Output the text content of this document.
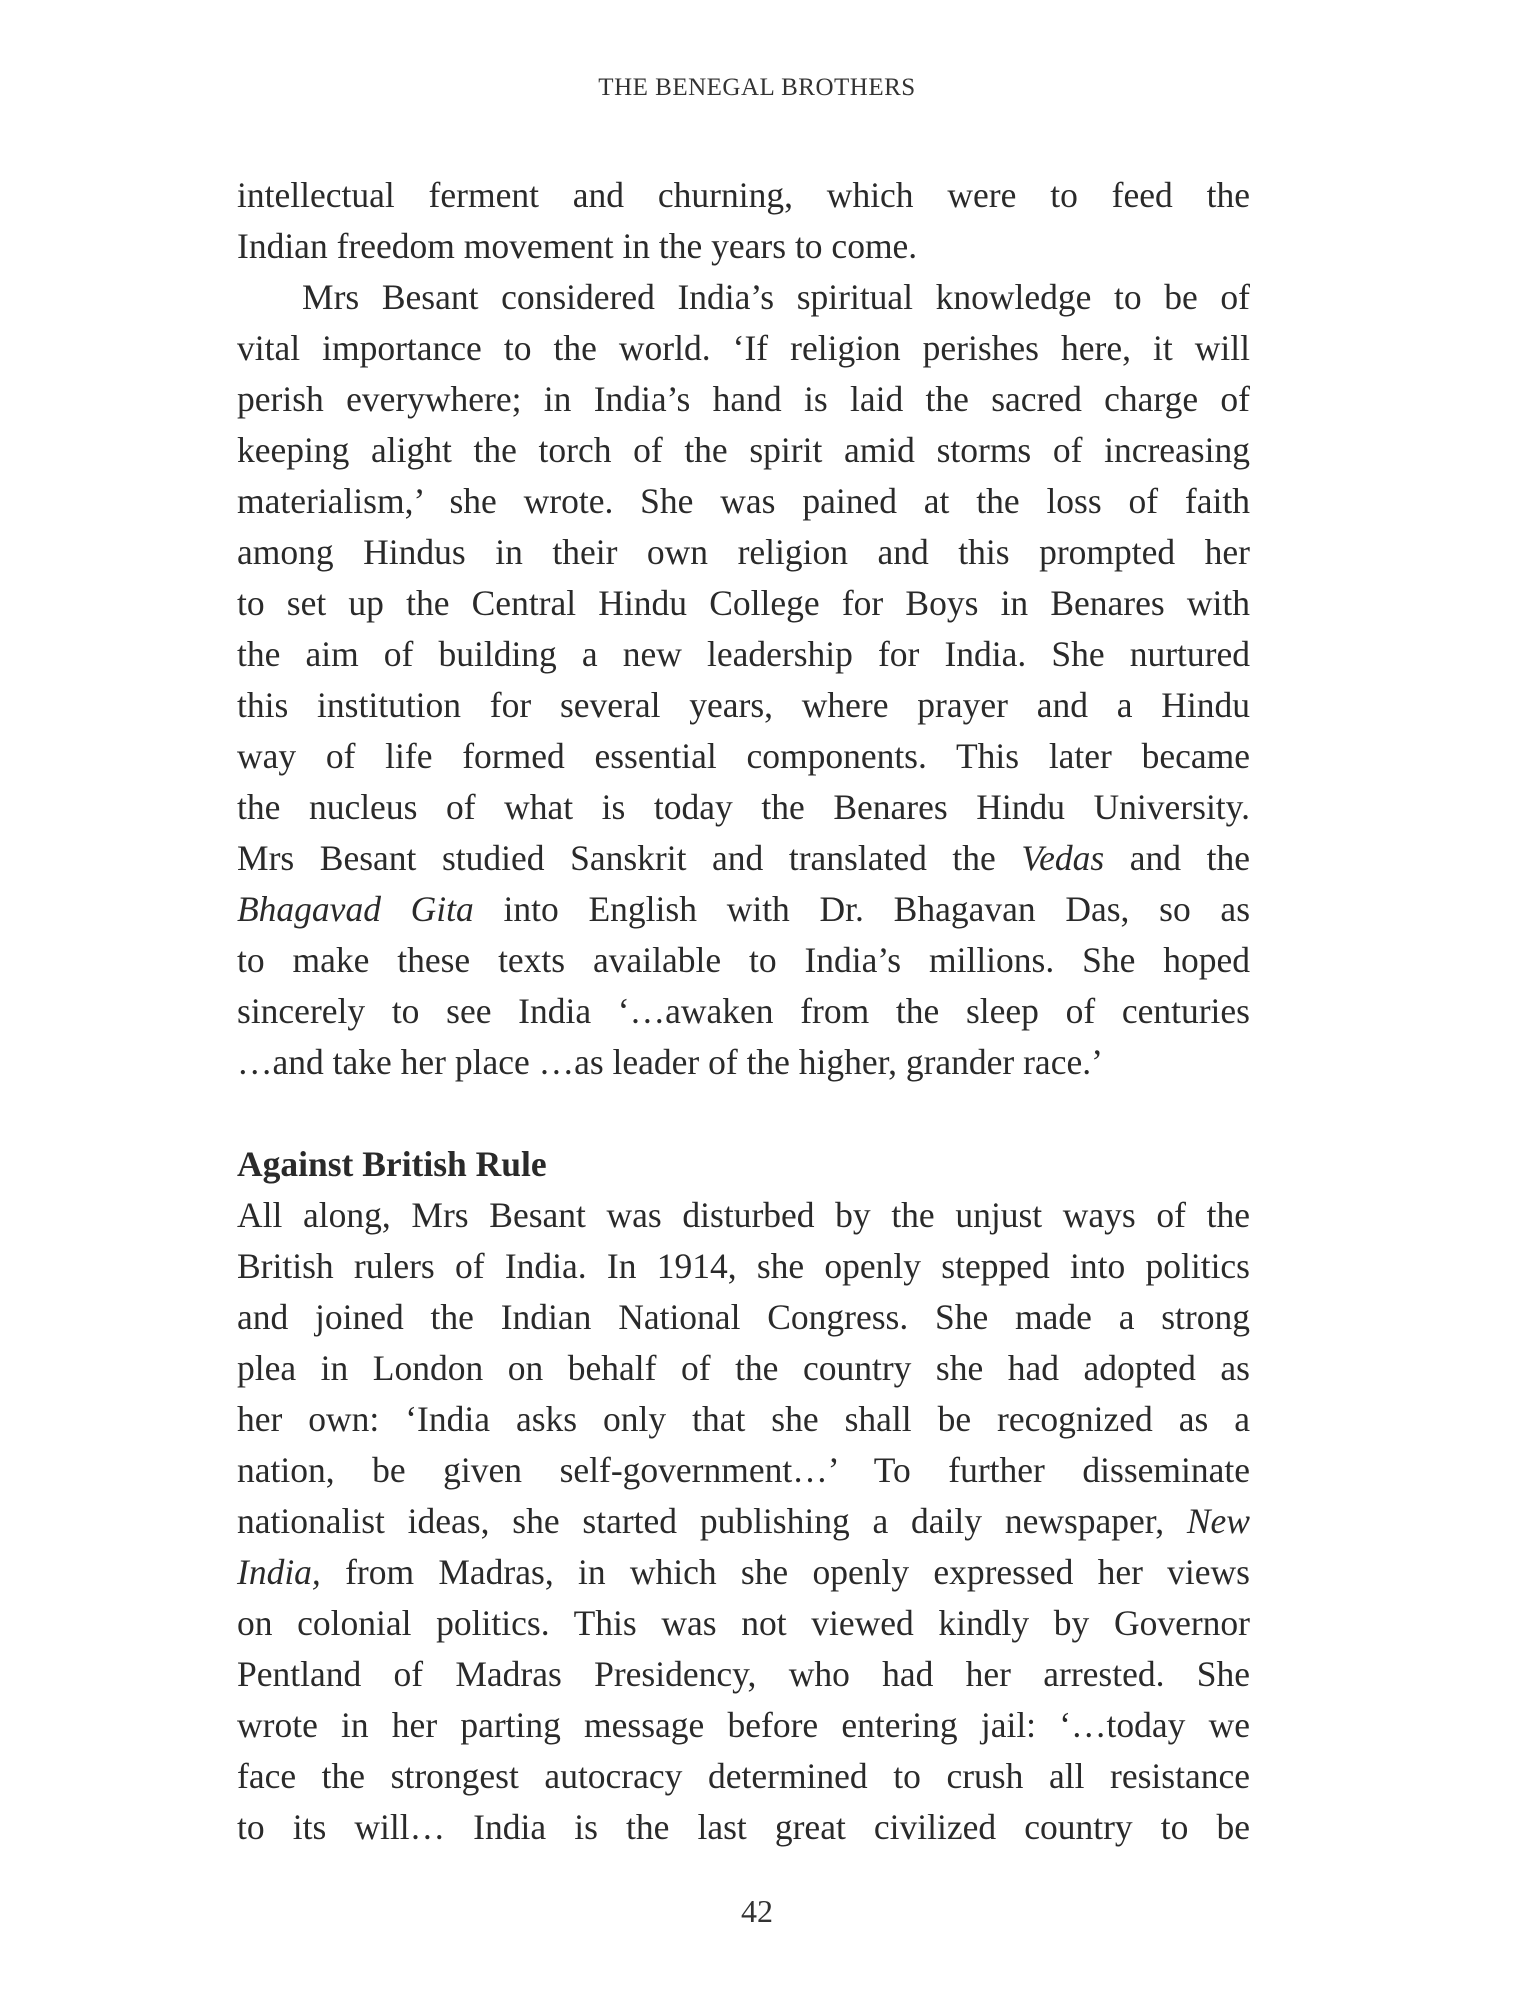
THE BENEGAL BROTHERS
intellectual ferment and churning, which were to feed the
Indian freedom movement in the years to come.
Mrs Besant considered India’s spiritual knowledge to be of
vital importance to the world. ‘If religion perishes here, it will
perish everywhere; in India’s hand is laid the sacred charge of
keeping alight the torch of the spirit amid storms of increasing
materialism,’ she wrote. She was pained at the loss of faith
among Hindus in their own religion and this prompted her
to set up the Central Hindu College for Boys in Benares with
the aim of building a new leadership for India. She nurtured
this institution for several years, where prayer and a Hindu
way of life formed essential components. This later became
the nucleus of what is today the Benares Hindu University.
Mrs Besant studied Sanskrit and translated the Vedas and the
Bhagavad Gita into English with Dr. Bhagavan Das, so as
to make these texts available to India’s millions. She hoped
sincerely to see India ‘…awaken from the sleep of centuries
…and take her place …as leader of the higher, grander race.’
Against British Rule
All along, Mrs Besant was disturbed by the unjust ways of the
British rulers of India. In 1914, she openly stepped into politics
and joined the Indian National Congress. She made a strong
plea in London on behalf of the country she had adopted as
her own: ‘India asks only that she shall be recognized as a
nation, be given self-government…’ To further disseminate
nationalist ideas, she started publishing a daily newspaper, New
India, from Madras, in which she openly expressed her views
on colonial politics. This was not viewed kindly by Governor
Pentland of Madras Presidency, who had her arrested. She
wrote in her parting message before entering jail: ‘…today we
face the strongest autocracy determined to crush all resistance
to its will… India is the last great civilized country to be
42
